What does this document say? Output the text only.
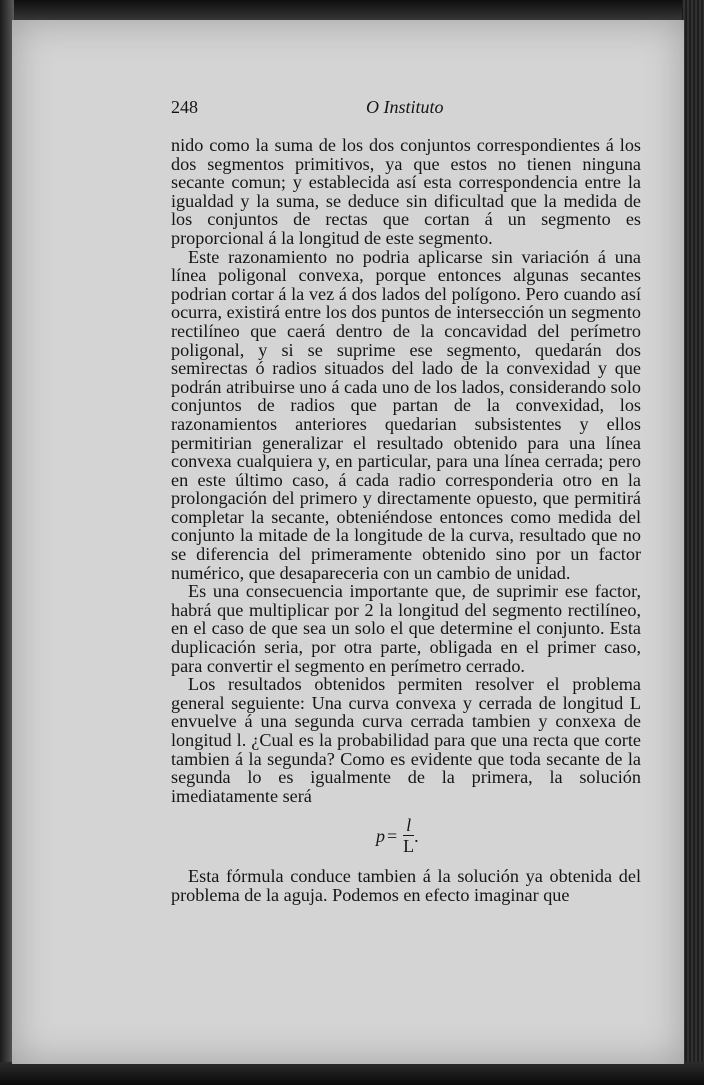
248	O Instituto

nido como la suma de los dos conjuntos correspondientes á los dos segmentos primitivos, ya que estos no tienen ninguna secante comun; y establecida así esta correspondencia entre la igualdad y la suma, se deduce sin dificultad que la medida de los conjuntos de rectas que cortan á un segmento es proporcional á la longitud de este segmento.

Este razonamiento no podria aplicarse sin variación á una línea poligonal convexa, porque entonces algunas secantes podrian cortar á la vez á dos lados del polígono. Pero cuando así ocurra, existirá entre los dos puntos de intersección un segmento rectilíneo que caerá dentro de la concavidad del perímetro poligonal, y si se suprime ese segmento, quedarán dos semirectas ó radios situados del lado de la convexidad y que podrán atribuirse uno á cada uno de los lados, considerando solo conjuntos de radios que partan de la convexidad, los razonamientos anteriores quedarian subsistentes y ellos permitirian generalizar el resultado obtenido para una línea convexa cualquiera y, en particular, para una línea cerrada; pero en este último caso, á cada radio corresponderia otro en la prolongación del primero y directamente opuesto, que permitirá completar la secante, obteniéndose entonces como medida del conjunto la mitade de la longitude de la curva, resultado que no se diferencia del primeramente obtenido sino por un factor numérico, que desapareceria con un cambio de unidad.

Es una consecuencia importante que, de suprimir ese factor, habrá que multiplicar por 2 la longitud del segmento rectilíneo, en el caso de que sea un solo el que determine el conjunto. Esta duplicación seria, por otra parte, obligada en el primer caso, para convertir el segmento en perímetro cerrado.

Los resultados obtenidos permiten resolver el problema general seguiente: Una curva convexa y cerrada de longitud L envuelve á una segunda curva cerrada tambien y conxexa de longitud l. ¿Cual es la probabilidad para que una recta que corte tambien á la segunda? Como es evidente que toda secante de la segunda lo es igualmente de la primera, la solución imediatamente será

$p = \frac{l}{L}$ .

Esta fórmula conduce tambien á la solución ya obtenida del problema de la aguja. Podemos en efecto imaginar que
